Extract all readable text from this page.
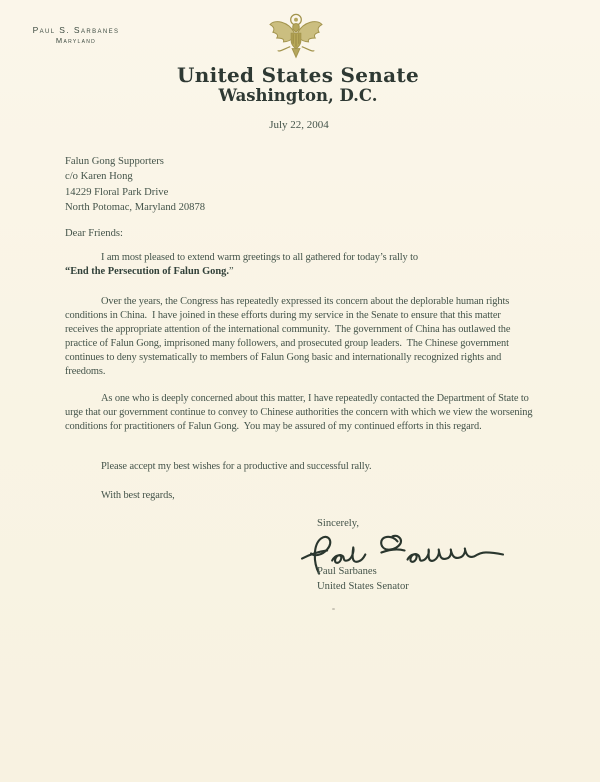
Paul S. Sarbanes
Maryland
United States Senate
Washington, D.C.
July 22, 2004
Falun Gong Supporters
c/o Karen Hong
14229 Floral Park Drive
North Potomac, Maryland 20878
Dear Friends:

I am most pleased to extend warm greetings to all gathered for today’s rally to
“End the Persecution of Falun Gong.”

Over the years, the Congress has repeatedly expressed its concern about the deplorable human rights conditions in China.  I have joined in these efforts during my service in the Senate to ensure that this matter receives the appropriate attention of the international community.  The government of China has outlawed the practice of Falun Gong, imprisoned many followers, and prosecuted group leaders.  The Chinese government continues to deny systematically to members of Falun Gong basic and internationally recognized rights and freedoms.

As one who is deeply concerned about this matter, I have repeatedly contacted the Department of State to urge that our government continue to convey to Chinese authorities the concern with which we view the worsening conditions for practitioners of Falun Gong.  You may be assured of my continued efforts in this regard.

Please accept my best wishes for a productive and successful rally.

With best regards,

Sincerely,
Paul Sarbanes
United States Senator
